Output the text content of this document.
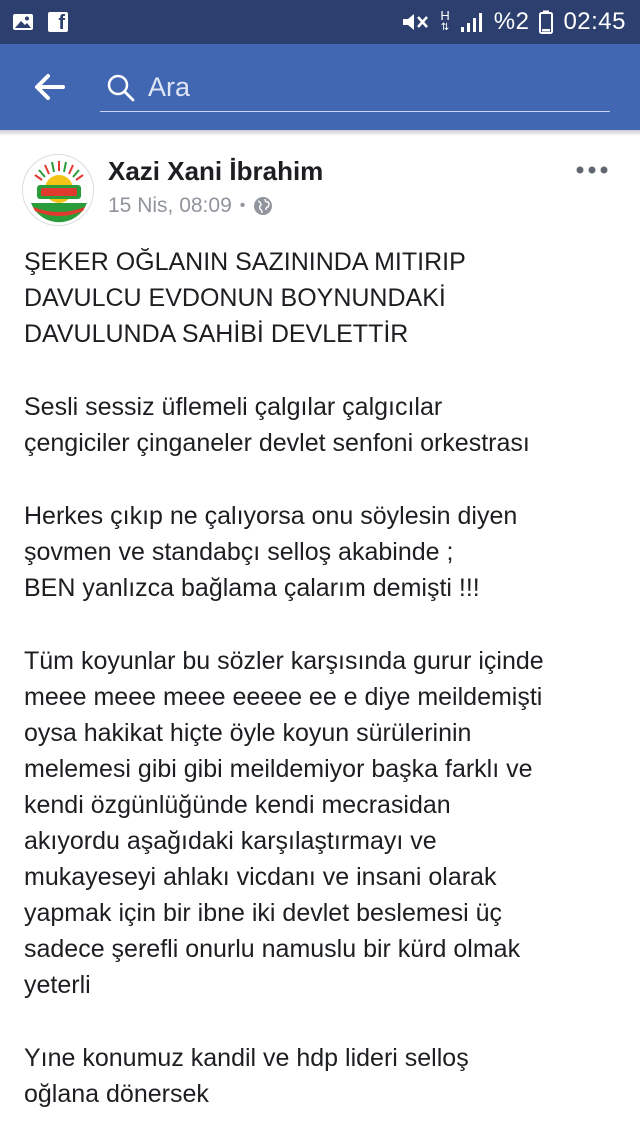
f	H
⇅ %2 02:45
Ara
Xazi Xani İbrahim
15 Nis, 08:09 •

ŞEKER OĞLANIN SAZININDA MITIRIP
DAVULCU EVDONUN BOYNUNDAKİ
DAVULUNDA SAHİBİ DEVLETTİR

Sesli sessiz üflemeli çalgılar çalgıcılar
çengiciler çinganeler devlet senfoni orkestrası

Herkes çıkıp ne çalıyorsa onu söylesin diyen
şovmen ve standabçı selloş akabinde ;
BEN yanlızca bağlama çalarım demişti !!!

Tüm koyunlar bu sözler karşısında gurur içinde
meee meee meee eeeee ee e diye meildemişti
oysa hakikat hiçte öyle koyun sürülerinin
melemesi gibi gibi meildemiyor başka farklı ve
kendi özgünlüğünde kendi mecrasidan
akıyordu aşağıdaki karşılaştırmayı ve
mukayeseyi ahlakı vicdanı ve insani olarak
yapmak için bir ibne iki devlet beslemesi üç
sadece şerefli onurlu namuslu bir kürd olmak
yeterli

Yıne konumuz kandil ve hdp lideri selloş
oğlana dönersek
